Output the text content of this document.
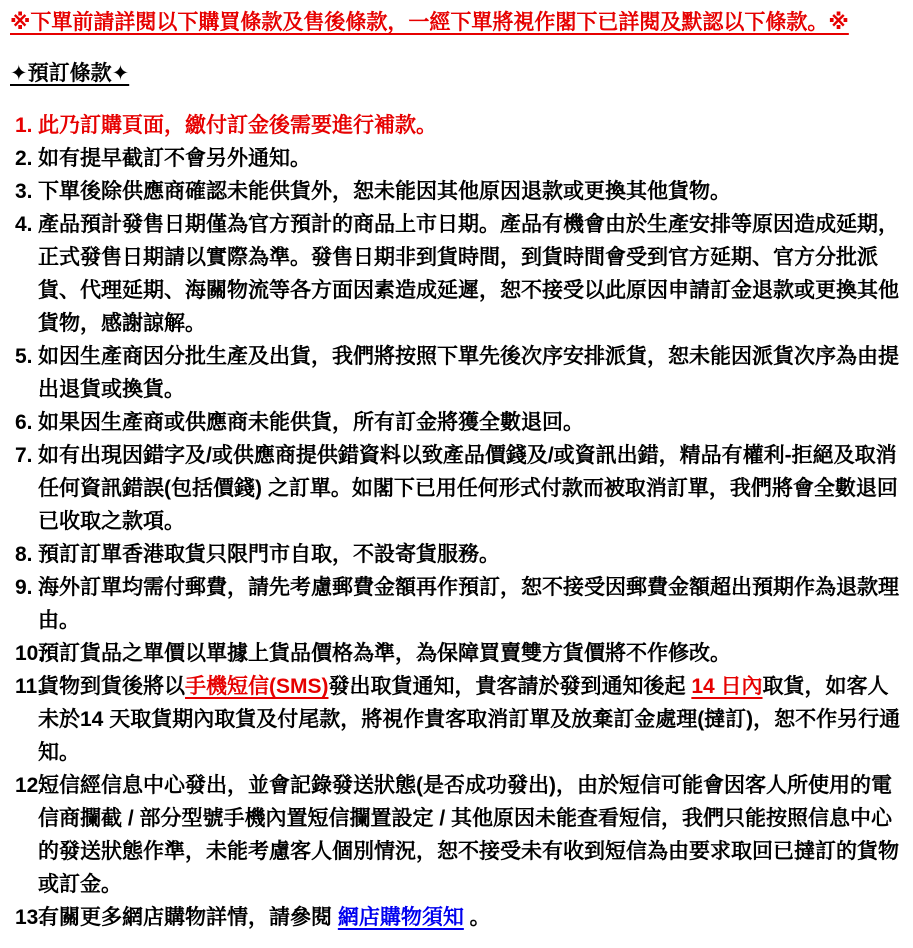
※下單前請詳閱以下購買條款及售後條款，一經下單將視作閣下已詳閱及默認以下條款。※
✦預訂條款✦
1. 此乃訂購頁面，繳付訂金後需要進行補款。
2. 如有提早截訂不會另外通知。
3. 下單後除供應商確認未能供貨外，恕未能因其他原因退款或更換其他貨物。
4. 產品預計發售日期僅為官方預計的商品上市日期。產品有機會由於生產安排等原因造成延期，正式發售日期請以實際為準。發售日期非到貨時間，到貨時間會受到官方延期、官方分批派貨、代理延期、海關物流等各方面因素造成延遲，恕不接受以此原因申請訂金退款或更換其他貨物，感謝諒解。
5. 如因生產商因分批生產及出貨，我們將按照下單先後次序安排派貨，恕未能因派貨次序為由提出退貨或換貨。
6. 如果因生產商或供應商未能供貨，所有訂金將獲全數退回。
7. 如有出現因錯字及/或供應商提供錯資料以致產品價錢及/或資訊出錯，精品有權利-拒絕及取消任何資訊錯誤(包括價錢) 之訂單。如閣下已用任何形式付款而被取消訂單，我們將會全數退回已收取之款項。
8. 預訂訂單香港取貨只限門市自取，不設寄貨服務。
9. 海外訂單均需付郵費，請先考慮郵費金額再作預訂，恕不接受因郵費金額超出預期作為退款理由。
10.
預訂貨品之單價以單據上貨品價格為準，為保障買賣雙方貨價將不作修改。
11.
貨物到貨後將以手機短信(SMS)發出取貨通知，貴客請於發到通知後起 14 日內取貨，如客人未於14 天取貨期內取貨及付尾款，將視作貴客取消訂單及放棄訂金處理(撻訂)，恕不作另行通知。
12.
短信經信息中心發出，並會記錄發送狀態(是否成功發出)，由於短信可能會因客人所使用的電信商攔截 / 部分型號手機內置短信攔置設定 / 其他原因未能查看短信，我們只能按照信息中心的發送狀態作準，未能考慮客人個別情況，恕不接受未有收到短信為由要求取回已撻訂的貨物或訂金。
13.
有關更多網店購物詳情，請參閱 網店購物須知 。
